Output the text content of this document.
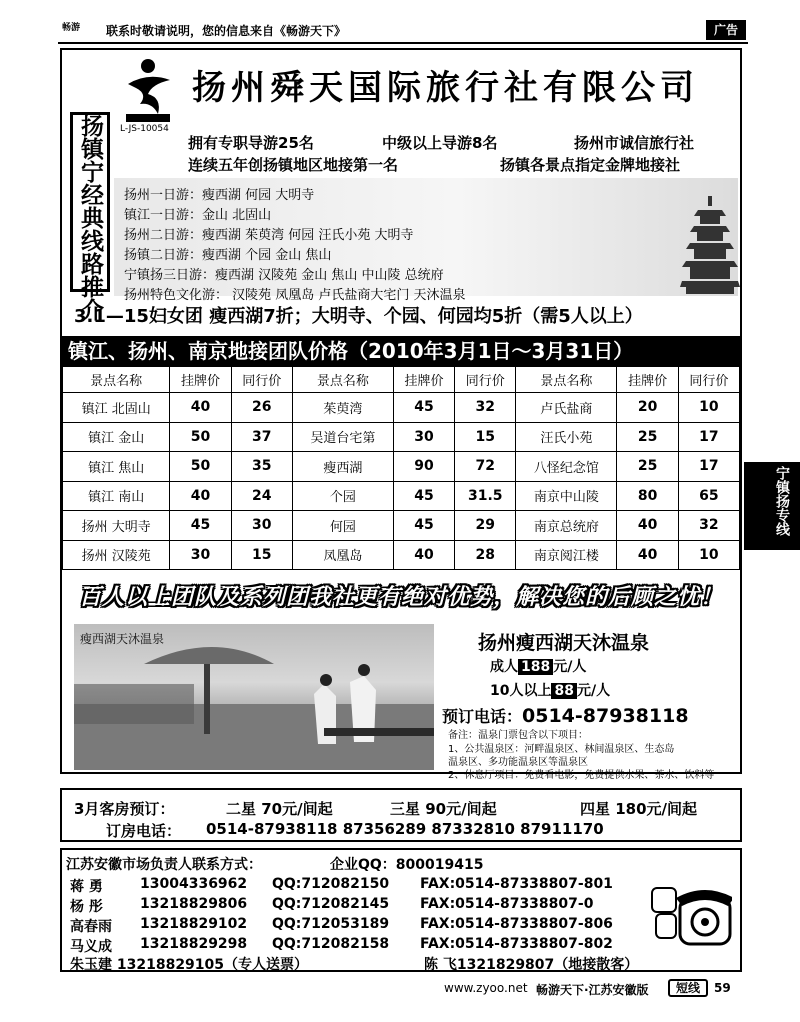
畅游	联系时敬请说明，您的信息来自《畅游天下》	广告
L-JS-10054
扬州舜天国际旅行社有限公司
扬镇宁经典线路推介	拥有专职导游25名	中级以上导游8名	扬州市诚信旅行社
连续五年创扬镇地区地接第一名	扬镇各景点指定金牌地接社
扬州一日游：瘦西湖 何园 大明寺
镇江一日游：金山 北固山
扬州二日游：瘦西湖 茱萸湾 何园 汪氏小苑 大明寺
扬镇二日游：瘦西湖 个园 金山 焦山
宁镇扬三日游：瘦西湖 汉陵苑 金山 焦山 中山陵 总统府
扬州特色文化游： 汉陵苑 凤凰岛 卢氏盐商大宅门 天沐温泉
3.1—15妇女团 瘦西湖7折；大明寺、个园、何园均5折（需5人以上）
镇江、扬州、南京地接团队价格（2010年3月1日～3月31日）
景点名称	挂牌价	同行价	景点名称	挂牌价	同行价	景点名称	挂牌价	同行价
镇江 北固山	40	26	茱萸湾	45	32	卢氏盐商	20	10
镇江 金山	50	37	吴道台宅第	30	15	汪氏小苑	25	17
镇江 焦山	50	35	瘦西湖	90	72	八怪纪念馆	25	17
镇江 南山	40	24	个园	45	31.5	南京中山陵	80	65
扬州 大明寺	45	30	何园	45	29	南京总统府	40	32
扬州 汉陵苑	30	15	凤凰岛	40	28	南京阅江楼	40	10
百人以上团队及系列团我社更有绝对优势，解决您的后顾之忧！
瘦西湖天沐温泉	扬州瘦西湖天沐温泉
成人 188 元/人
10人以上 88 元/人
预订电话：0514-87938118
备注：温泉门票包含以下项目：
1、公共温泉区：河畔温泉区、林间温泉区、生态岛
温泉区、多功能温泉区等温泉区
2、休息厅项目：免费看电影，免费提供水果、茶水、饮料等
3月客房预订：	二星 70元/间起	三星 90元/间起	四星 180元/间起
订房电话： 0514-87938118 87356289 87332810 87911170
江苏安徽市场负责人联系方式：	企业QQ：800019415
蒋 勇	13004336962 QQ:712082150 FAX:0514-87338807-801
杨 彤	13218829806 QQ:712082145 FAX:0514-87338807-0
高春雨 13218829102 QQ:712053189 FAX:0514-87338807-806
马义成 13218829298 QQ:712082158 FAX:0514-87338807-802
朱玉建 13218829105（专人送票）	陈 飞1321829807（地接散客）
宁镇扬专线
www.zyoo.net 畅游天下·江苏安徽版	短线	59
